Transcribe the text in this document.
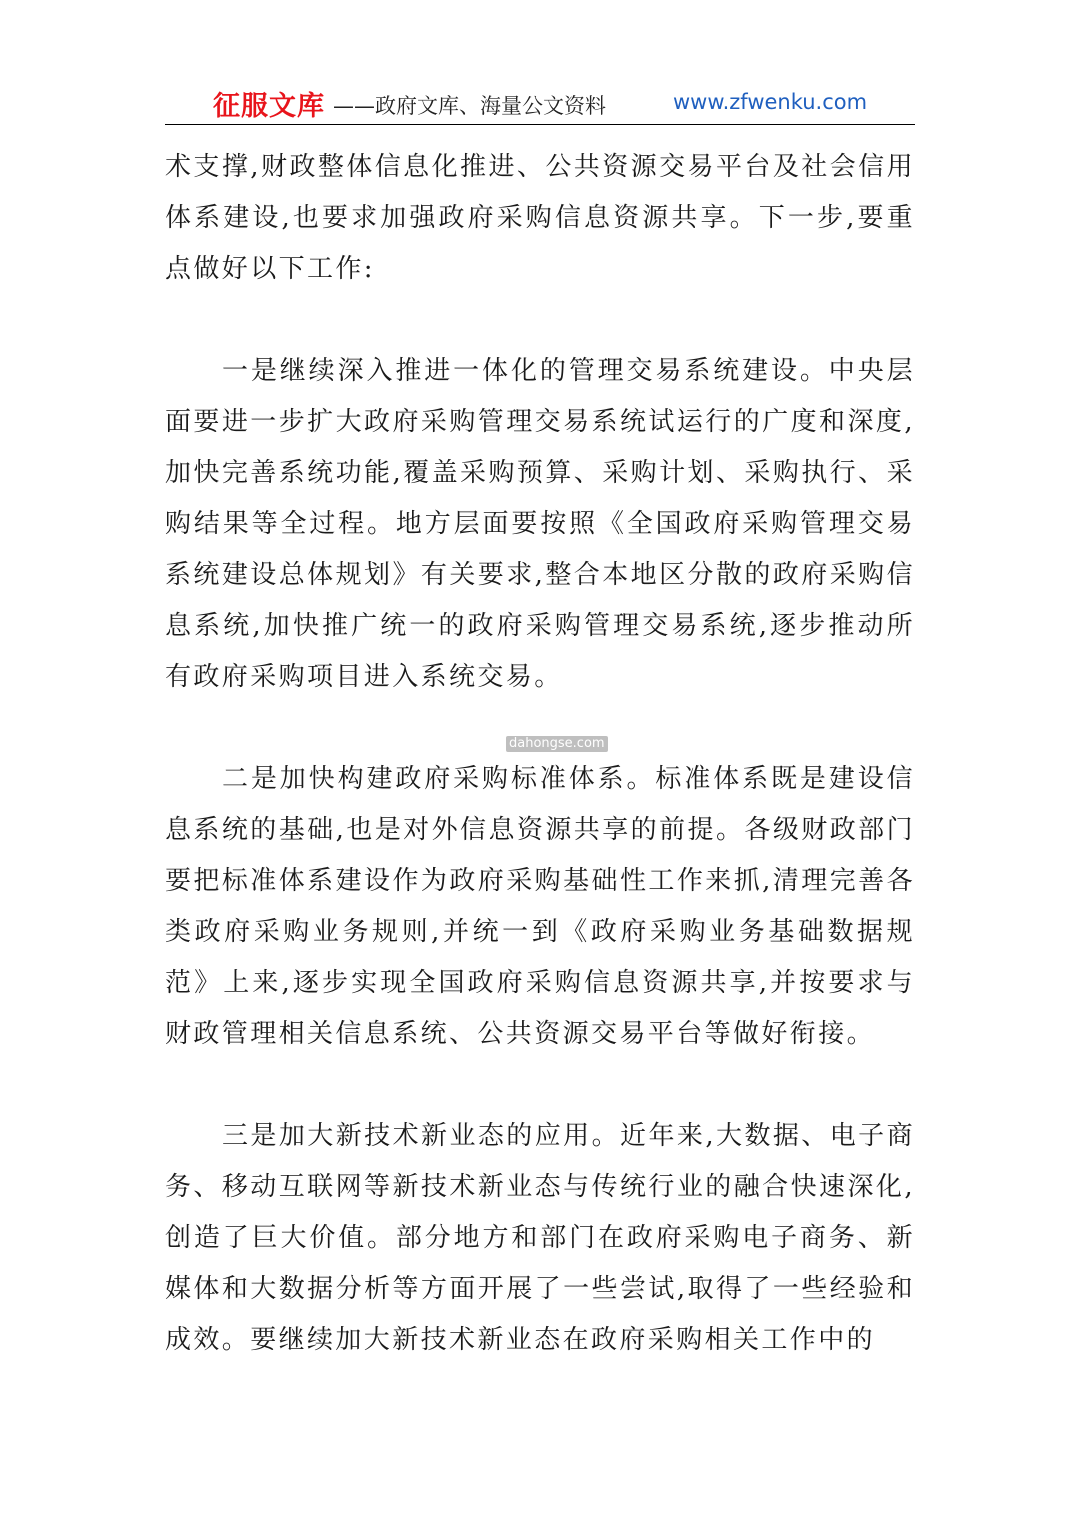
征服文库 ——政府文库、海量公文资料	www.zfwenku.com

术支撑,财政整体信息化推进、公共资源交易平台及社会信用体系建设,也要求加强政府采购信息资源共享。下一步,要重点做好以下工作:

一是继续深入推进一体化的管理交易系统建设。中央层面要进一步扩大政府采购管理交易系统试运行的广度和深度,加快完善系统功能,覆盖采购预算、采购计划、采购执行、采购结果等全过程。地方层面要按照《全国政府采购管理交易系统建设总体规划》有关要求,整合本地区分散的政府采购信息系统,加快推广统一的政府采购管理交易系统,逐步推动所有政府采购项目进入系统交易。

二是加快构建政府采购标准体系。标准体系既是建设信息系统的基础,也是对外信息资源共享的前提。各级财政部门要把标准体系建设作为政府采购基础性工作来抓,清理完善各类政府采购业务规则,并统一到《政府采购业务基础数据规范》上来,逐步实现全国政府采购信息资源共享,并按要求与财政管理相关信息系统、公共资源交易平台等做好衔接。

三是加大新技术新业态的应用。近年来,大数据、电子商务、移动互联网等新技术新业态与传统行业的融合快速深化,创造了巨大价值。部分地方和部门在政府采购电子商务、新媒体和大数据分析等方面开展了一些尝试,取得了一些经验和成效。要继续加大新技术新业态在政府采购相关工作中的

dahongse.com
